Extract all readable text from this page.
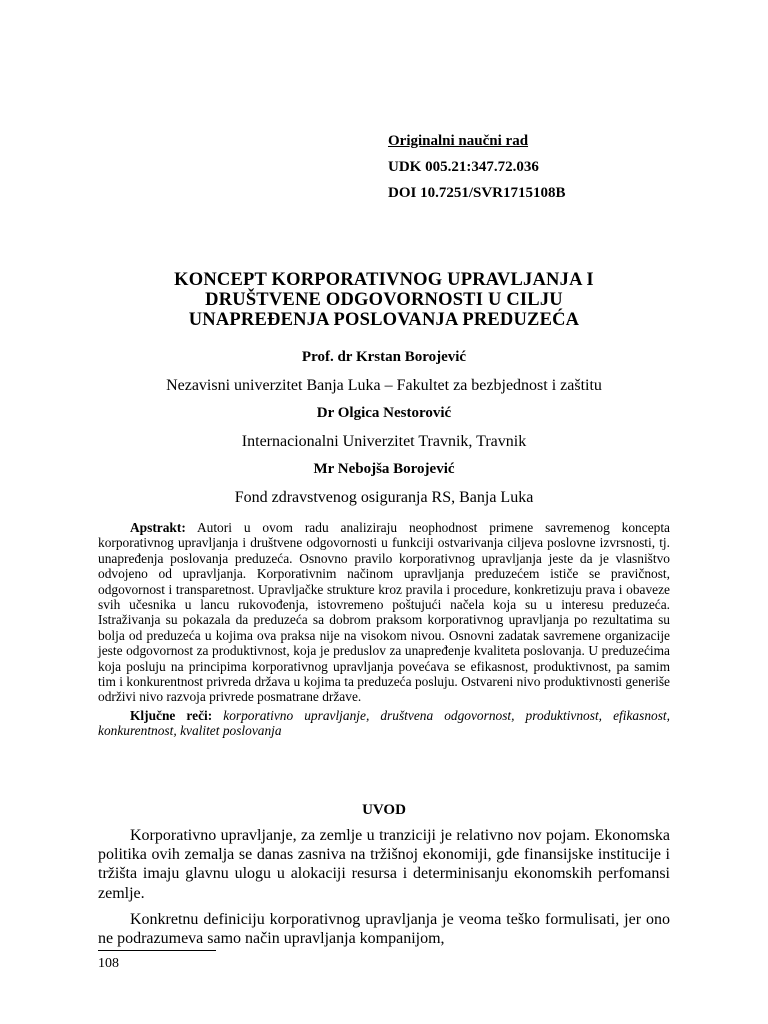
Originalni naučni rad
UDK 005.21:347.72.036
DOI 10.7251/SVR1715108B
KONCEPT KORPORATIVNOG UPRAVLJANJA I
DRUŠTVENE ODGOVORNOSTI U CILJU
UNAPREĐENJA POSLOVANJA PREDUZEĆA
Prof. dr Krstan Borojević
Nezavisni univerzitet Banja Luka – Fakultet za bezbjednost i zaštitu
Dr Olgica Nestorović
Internacionalni Univerzitet Travnik, Travnik
Mr Nebojša Borojević
Fond zdravstvenog osiguranja RS, Banja Luka

Apstrakt: Autori u ovom radu analiziraju neophodnost primene savremenog koncepta korporativnog upravljanja i društvene odgovornosti u funkciji ostvarivanja ciljeva poslovne izvrsnosti, tj. unapređenja poslovanja preduzeća. Osnovno pravilo korporativnog upravljanja jeste da je vlasništvo odvojeno od upravljanja. Korporativnim načinom upravljanja preduzećem ističe se pravičnost, odgovornost i transparetnost. Upravljačke strukture kroz pravila i procedure, konkretizuju prava i obaveze svih učesnika u lancu rukovođenja, istovremeno poštujući načela koja su u interesu preduzeća. Istraživanja su pokazala da preduzeća sa dobrom praksom korporativnog upravljanja po rezultatima su bolja od preduzeća u kojima ova praksa nije na visokom nivou. Osnovni zadatak savremene organizacije jeste odgovornost za produktivnost, koja je preduslov za unapređenje kvaliteta poslovanja. U preduzećima koja posluju na principima korporativnog upravljanja povećava se efikasnost, produktivnost, pa samim tim i konkurentnost privreda država u kojima ta preduzeća posluju. Ostvareni nivo produktivnosti generiše održivi nivo razvoja privrede posmatrane države.

Ključne reči: korporativno upravljanje, društvena odgovornost, produktivnost, efikasnost, konkurentnost, kvalitet poslovanja

UVOD

Korporativno upravljanje, za zemlje u tranziciji je relativno nov pojam. Ekonomska politika ovih zemalja se danas zasniva na tržišnoj ekonomiji, gde finansijske institucije i tržišta imaju glavnu ulogu u alokaciji resursa i determinisanju ekonomskih perfomansi zemlje.

Konkretnu definiciju korporativnog upravljanja je veoma teško formulisati, jer ono ne podrazumeva samo način upravljanja kompanijom,

108
